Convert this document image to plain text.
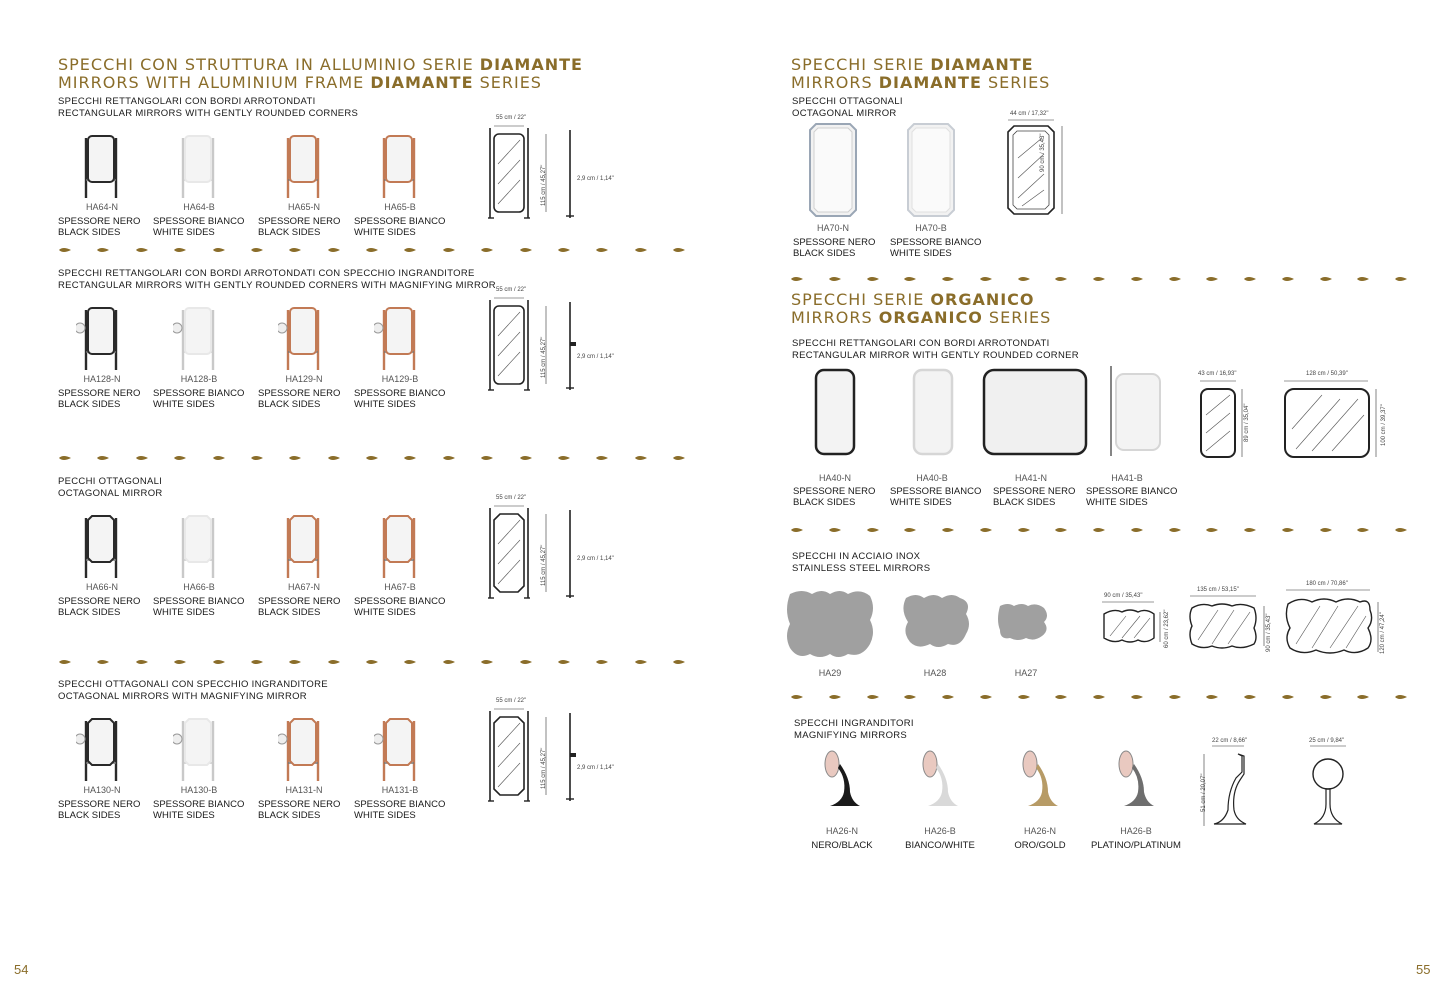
SPECCHI CON STRUTTURA IN ALLUMINIO SERIE DIAMANTE
MIRRORS WITH ALUMINIUM FRAME DIAMANTE SERIES
SPECCHI RETTANGOLARI CON BORDI ARROTONDATI
RECTANGULAR MIRRORS WITH GENTLY ROUNDED CORNERS
HA64-N
SPESSORE NERO
BLACK SIDES
HA64-B
SPESSORE BIANCO
WHITE SIDES
HA65-N
SPESSORE NERO
BLACK SIDES
HA65-B
SPESSORE BIANCO
WHITE SIDES
55 cm / 22"
115 cm / 45,27"	2,9 cm / 1,14"
SPECCHI RETTANGOLARI CON BORDI ARROTONDATI CON SPECCHIO INGRANDITORE
RECTANGULAR MIRRORS WITH GENTLY ROUNDED CORNERS WITH MAGNIFYING MIRROR
HA128-N
SPESSORE NERO
BLACK SIDES
HA128-B
SPESSORE BIANCO
WHITE SIDES
HA129-N
SPESSORE NERO
BLACK SIDES
HA129-B
SPESSORE BIANCO
WHITE SIDES
55 cm / 22"
115 cm / 45,27"	2,9 cm / 1,14"
PECCHI OTTAGONALI
OCTAGONAL MIRROR
HA66-N
SPESSORE NERO
BLACK SIDES
HA66-B
SPESSORE BIANCO
WHITE SIDES
HA67-N
SPESSORE NERO
BLACK SIDES
HA67-B
SPESSORE BIANCO
WHITE SIDES
55 cm / 22"
115 cm / 45,27"	2,9 cm / 1,14"
SPECCHI OTTAGONALI CON SPECCHIO INGRANDITORE
OCTAGONAL MIRRORS WITH MAGNIFYING MIRROR
HA130-N
SPESSORE NERO
BLACK SIDES
HA130-B
SPESSORE BIANCO
WHITE SIDES
HA131-N
SPESSORE NERO
BLACK SIDES
HA131-B
SPESSORE BIANCO
WHITE SIDES
55 cm / 22"
115 cm / 45,27"	2,9 cm / 1,14"
54
SPECCHI SERIE DIAMANTE
MIRRORS DIAMANTE SERIES
SPECCHI OTTAGONALI
OCTAGONAL MIRROR
HA70-N	HA70-B
SPESSORE NERO
BLACK SIDES
SPESSORE BIANCO
WHITE SIDES
44 cm / 17,32"
90 cm / 35,43"
SPECCHI SERIE ORGANICO
MIRRORS ORGANICO SERIES
SPECCHI RETTANGOLARI CON BORDI ARROTONDATI
RECTANGULAR MIRROR WITH GENTLY ROUNDED CORNER
HA40-N	HA40-B	HA41-N	HA41-B
SPESSORE NERO
BLACK SIDES
SPESSORE BIANCO
WHITE SIDES
SPESSORE NERO
BLACK SIDES
SPESSORE BIANCO
WHITE SIDES
43 cm / 16,93"
89 cm / 35,04"
128 cm / 50,39"
100 cm / 39,37"
SPECCHI IN ACCIAIO INOX
STAINLESS STEEL MIRRORS
HA29	HA28	HA27
90 cm / 35,43"
60 cm / 23,62"
135 cm / 53,15"
90 cm / 35,43"
180 cm / 70,86"
120 cm / 47,24"
SPECCHI INGRANDITORI
MAGNIFYING MIRRORS
HA26-N
NERO/BLACK
HA26-B
BIANCO/WHITE
HA26-N
ORO/GOLD
HA26-B
PLATINO/PLATINUM
22 cm / 8,66"
51 cm / 20,07"
25 cm / 9,84"
55
